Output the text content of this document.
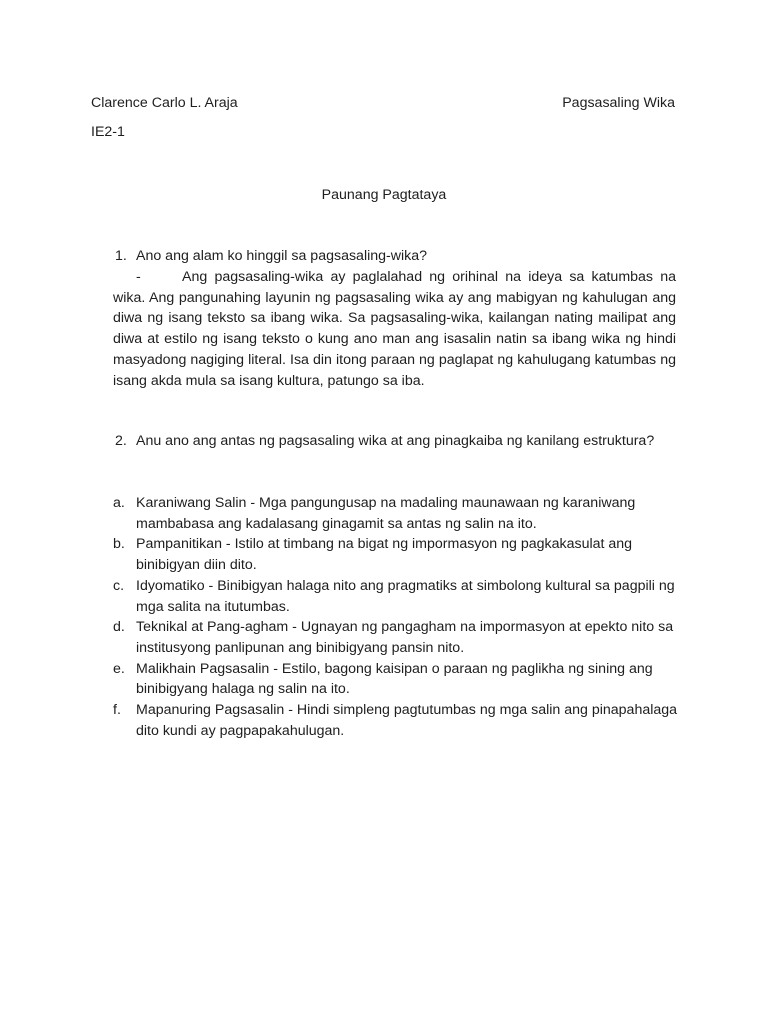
Clarence Carlo L. Araja	Pagsasaling Wika
IE2-1
Paunang Pagtataya
1. Ano ang alam ko hinggil sa pagsasaling-wika?
-	Ang pagsasaling-wika ay paglalahad ng orihinal na ideya sa katumbas na wika. Ang pangunahing layunin ng pagsasaling wika ay ang mabigyan ng kahulugan ang diwa ng isang teksto sa ibang wika. Sa pagsasaling-wika, kailangan nating mailipat ang diwa at estilo ng isang teksto o kung ano man ang isasalin natin sa ibang wika ng hindi masyadong nagiging literal. Isa din itong paraan ng paglapat ng kahulugang katumbas ng isang akda mula sa isang kultura, patungo sa iba.
2. Anu ano ang antas ng pagsasaling wika at ang pinagkaiba ng kanilang estruktura?
a. Karaniwang Salin - Mga pangungusap na madaling maunawaan ng karaniwang mambabasa ang kadalasang ginagamit sa antas ng salin na ito.
b. Pampanitikan - Istilo at timbang na bigat ng impormasyon ng pagkakasulat ang binibigyan diin dito.
c. Idyomatiko - Binibigyan halaga nito ang pragmatiks at simbolong kultural sa pagpili ng mga salita na itutumbas.
d. Teknikal at Pang-agham - Ugnayan ng pangagham na impormasyon at epekto nito sa institusyong panlipunan ang binibigyang pansin nito.
e. Malikhain Pagsasalin - Estilo, bagong kaisipan o paraan ng paglikha ng sining ang binibigyang halaga ng salin na ito.
f. Mapanuring Pagsasalin - Hindi simpleng pagtutumbas ng mga salin ang pinapahalaga dito kundi ay pagpapakahulugan.
